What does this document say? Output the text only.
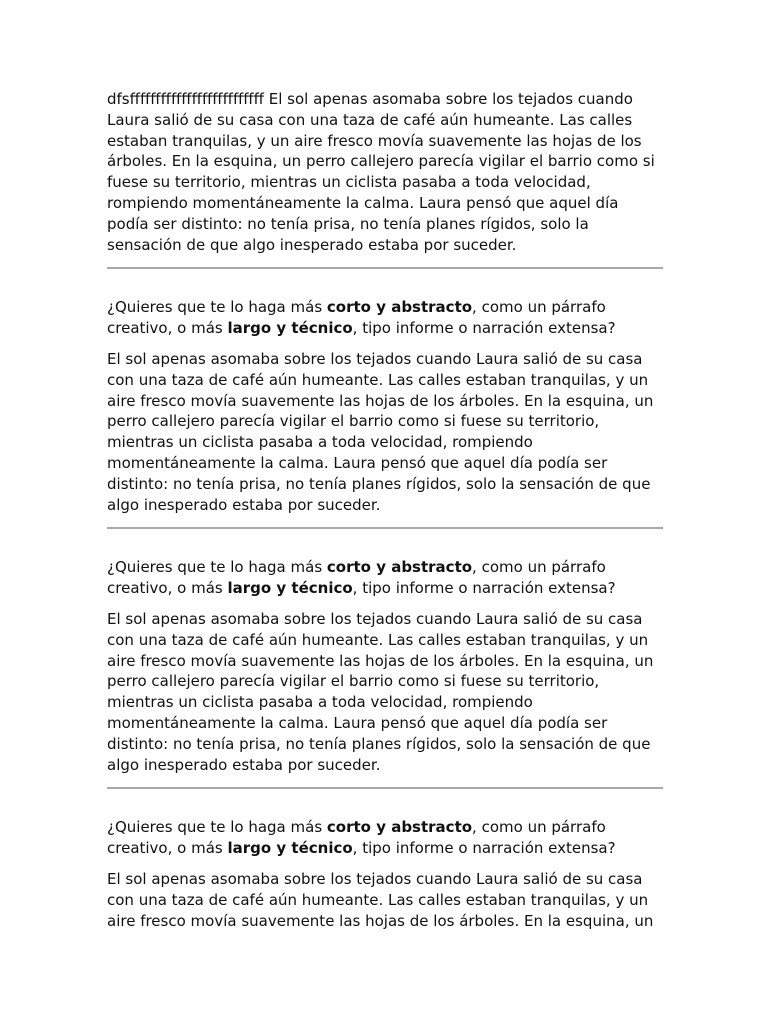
dfsffffffffffffffffffffffffff El sol apenas asomaba sobre los tejados cuando Laura salió de su casa con una taza de café aún humeante. Las calles estaban tranquilas, y un aire fresco movía suavemente las hojas de los árboles. En la esquina, un perro callejero parecía vigilar el barrio como si fuese su territorio, mientras un ciclista pasaba a toda velocidad, rompiendo momentáneamente la calma. Laura pensó que aquel día podía ser distinto: no tenía prisa, no tenía planes rígidos, solo la sensación de que algo inesperado estaba por suceder.

¿Quieres que te lo haga más corto y abstracto, como un párrafo creativo, o más largo y técnico, tipo informe o narración extensa?

El sol apenas asomaba sobre los tejados cuando Laura salió de su casa con una taza de café aún humeante. Las calles estaban tranquilas, y un aire fresco movía suavemente las hojas de los árboles. En la esquina, un perro callejero parecía vigilar el barrio como si fuese su territorio, mientras un ciclista pasaba a toda velocidad, rompiendo momentáneamente la calma. Laura pensó que aquel día podía ser distinto: no tenía prisa, no tenía planes rígidos, solo la sensación de que algo inesperado estaba por suceder.

¿Quieres que te lo haga más corto y abstracto, como un párrafo creativo, o más largo y técnico, tipo informe o narración extensa?

El sol apenas asomaba sobre los tejados cuando Laura salió de su casa con una taza de café aún humeante. Las calles estaban tranquilas, y un aire fresco movía suavemente las hojas de los árboles. En la esquina, un perro callejero parecía vigilar el barrio como si fuese su territorio, mientras un ciclista pasaba a toda velocidad, rompiendo momentáneamente la calma. Laura pensó que aquel día podía ser distinto: no tenía prisa, no tenía planes rígidos, solo la sensación de que algo inesperado estaba por suceder.

¿Quieres que te lo haga más corto y abstracto, como un párrafo creativo, o más largo y técnico, tipo informe o narración extensa?

El sol apenas asomaba sobre los tejados cuando Laura salió de su casa con una taza de café aún humeante. Las calles estaban tranquilas, y un aire fresco movía suavemente las hojas de los árboles. En la esquina, un
